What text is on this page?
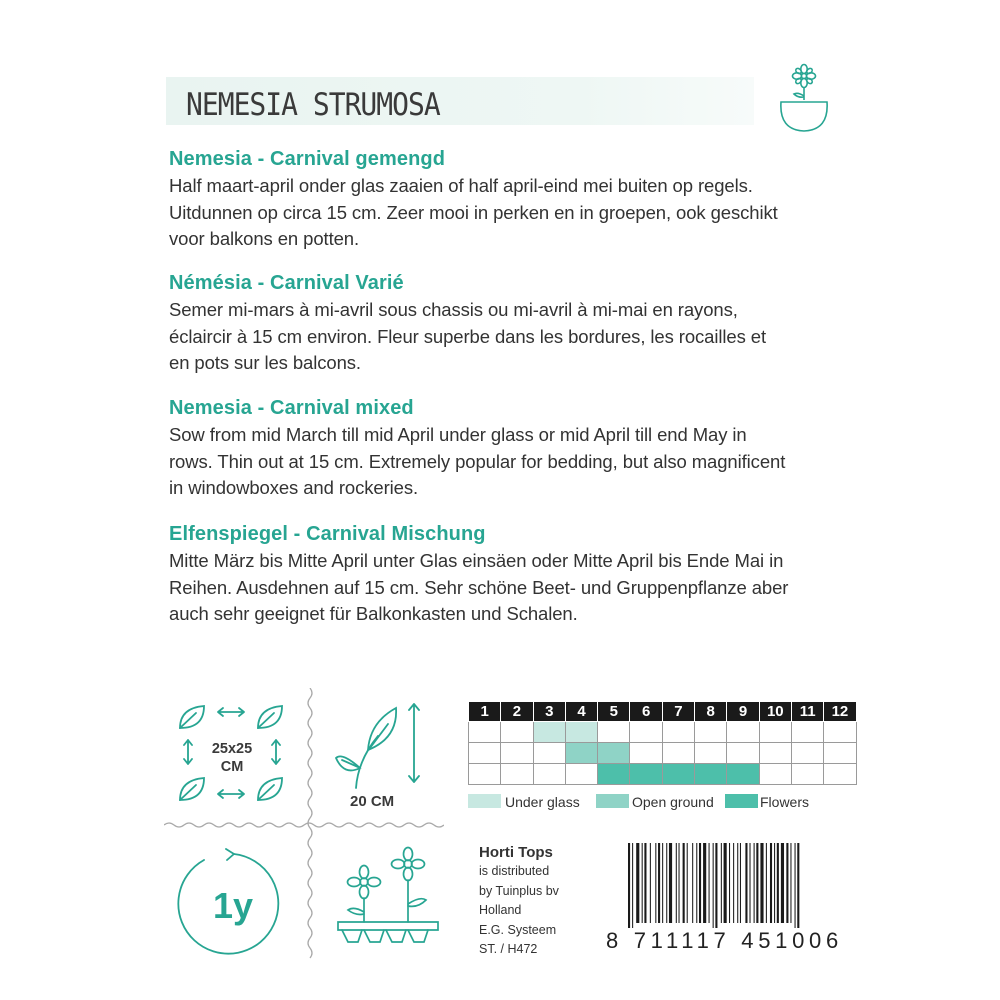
NEMESIA STRUMOSA
Nemesia - Carnival gemengd

Half maart-april onder glas zaaien of half april-eind mei buiten op regels.
Uitdunnen op circa 15 cm. Zeer mooi in perken en in groepen, ook geschikt
voor balkons en potten.

Némésia - Carnival Varié

Semer mi-mars à mi-avril sous chassis ou mi-avril à mi-mai en rayons,
éclaircir à 15 cm environ. Fleur superbe dans les bordures, les rocailles et
en pots sur les balcons.

Nemesia - Carnival mixed

Sow from mid March till mid April under glass or mid April till end May in
rows. Thin out at 15 cm. Extremely popular for bedding, but also magnificent
in windowboxes and rockeries.

Elfenspiegel - Carnival Mischung

Mitte März bis Mitte April unter Glas einsäen oder Mitte April bis Ende Mai in
Reihen. Ausdehnen auf 15 cm. Sehr schöne Beet- und Gruppenpflanze aber
auch sehr geeignet für Balkonkasten und Schalen.

25x25
CM
20 CM
1y
1	2	3	4	5	6	7	8	9	10	11	12

Under glass	Open ground	Flowers
Horti Tops
is distributed
by Tuinplus bv
Holland
E.G. Systeem
ST. / H472	8 711117 451006
